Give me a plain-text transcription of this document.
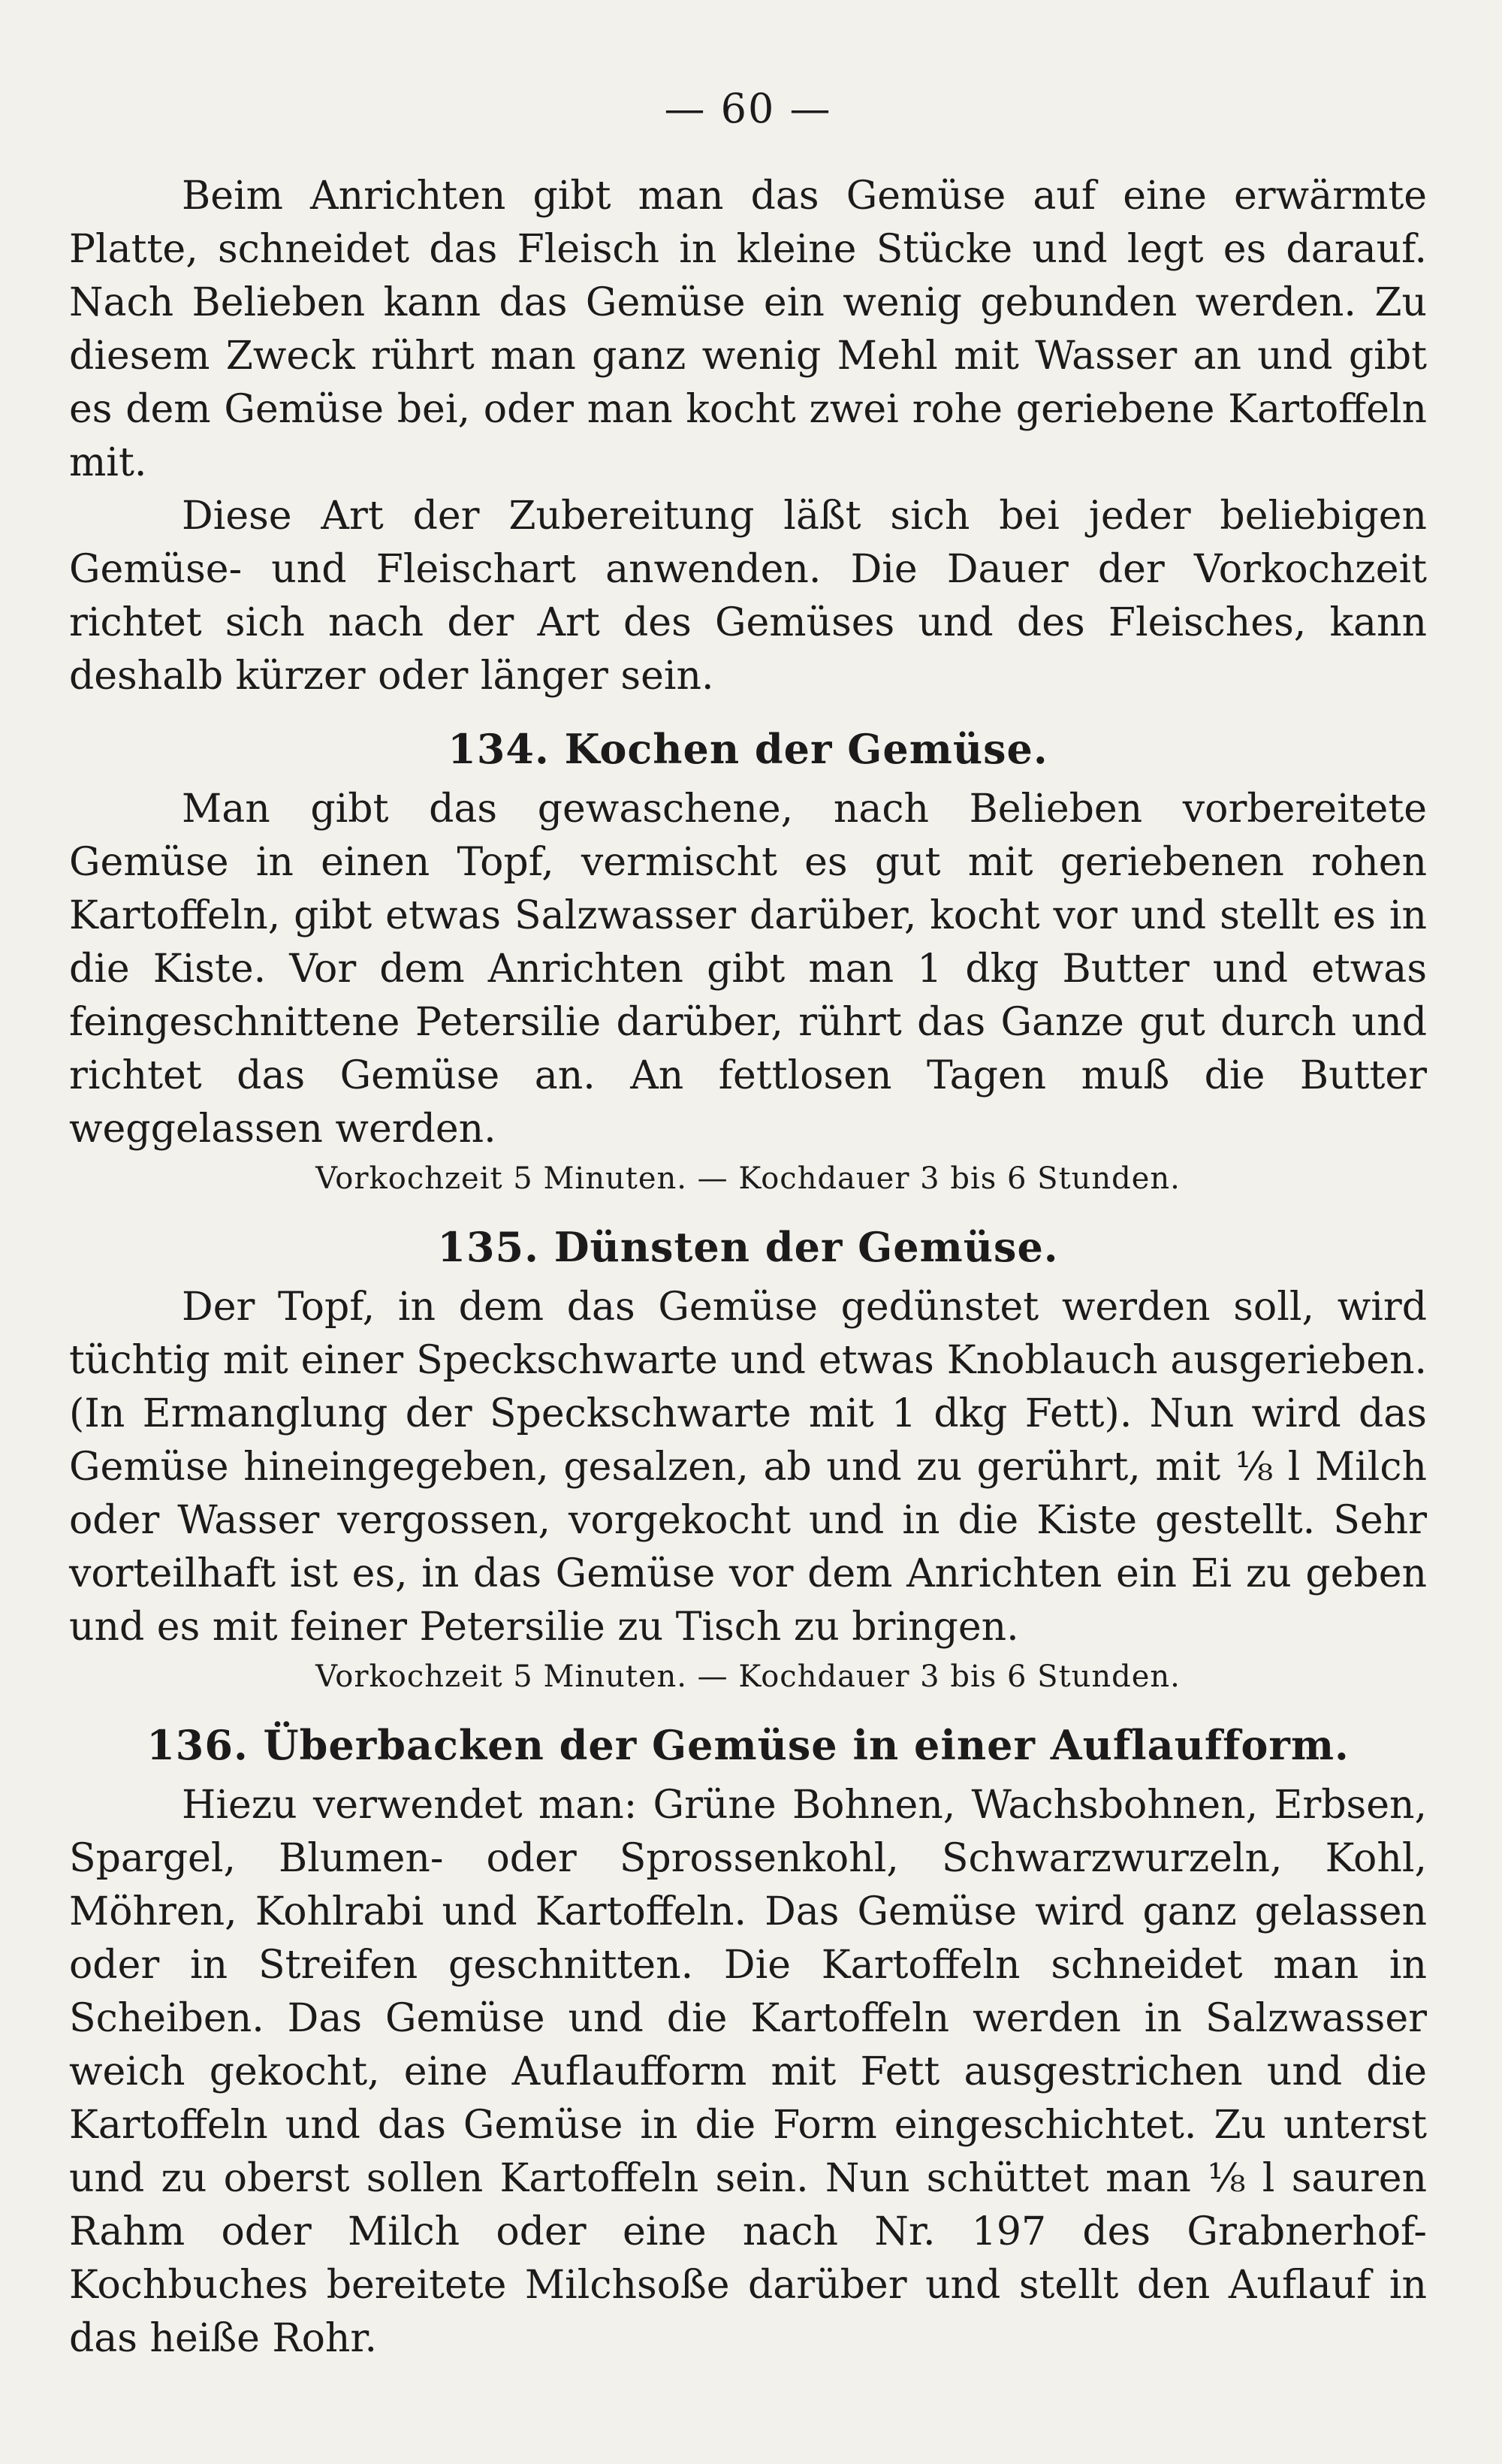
— 60 —

Beim Anrichten gibt man das Gemüse auf eine erwärmte Platte, schneidet das Fleisch in kleine Stücke und legt es darauf. Nach Belieben kann das Gemüse ein wenig gebunden werden. Zu diesem Zweck rührt man ganz wenig Mehl mit Wasser an und gibt es dem Gemüse bei, oder man kocht zwei rohe geriebene Kartoffeln mit.

Diese Art der Zubereitung läßt sich bei jeder beliebigen Gemüse- und Fleischart anwenden. Die Dauer der Vorkochzeit richtet sich nach der Art des Gemüses und des Fleisches, kann deshalb kürzer oder länger sein.

134. Kochen der Gemüse.

Man gibt das gewaschene, nach Belieben vorbereitete Gemüse in einen Topf, vermischt es gut mit geriebenen rohen Kartoffeln, gibt etwas Salzwasser darüber, kocht vor und stellt es in die Kiste. Vor dem Anrichten gibt man 1 dkg Butter und etwas feingeschnittene Petersilie darüber, rührt das Ganze gut durch und richtet das Gemüse an. An fettlosen Tagen muß die Butter weggelassen werden.

Vorkochzeit 5 Minuten. — Kochdauer 3 bis 6 Stunden.
135. Dünsten der Gemüse.

Der Topf, in dem das Gemüse gedünstet werden soll, wird tüchtig mit einer Speckschwarte und etwas Knoblauch ausgerieben. (In Ermanglung der Speckschwarte mit 1 dkg Fett). Nun wird das Gemüse hineingegeben, gesalzen, ab und zu gerührt, mit ⅛ l Milch oder Wasser vergossen, vorgekocht und in die Kiste gestellt. Sehr vorteilhaft ist es, in das Gemüse vor dem Anrichten ein Ei zu geben und es mit feiner Petersilie zu Tisch zu bringen.

Vorkochzeit 5 Minuten. — Kochdauer 3 bis 6 Stunden.
136. Überbacken der Gemüse in einer Auflaufform.

Hiezu verwendet man: Grüne Bohnen, Wachsbohnen, Erbsen, Spargel, Blumen- oder Sprossenkohl, Schwarzwurzeln, Kohl, Möhren, Kohlrabi und Kartoffeln. Das Gemüse wird ganz gelassen oder in Streifen geschnitten. Die Kartoffeln schneidet man in Scheiben. Das Gemüse und die Kartoffeln werden in Salzwasser weich gekocht, eine Auflaufform mit Fett ausgestrichen und die Kartoffeln und das Gemüse in die Form eingeschichtet. Zu unterst und zu oberst sollen Kartoffeln sein. Nun schüttet man ⅛ l sauren Rahm oder Milch oder eine nach Nr. 197 des Grabnerhof-Kochbuches bereitete Milchsoße darüber und stellt den Auflauf in das heiße Rohr.
